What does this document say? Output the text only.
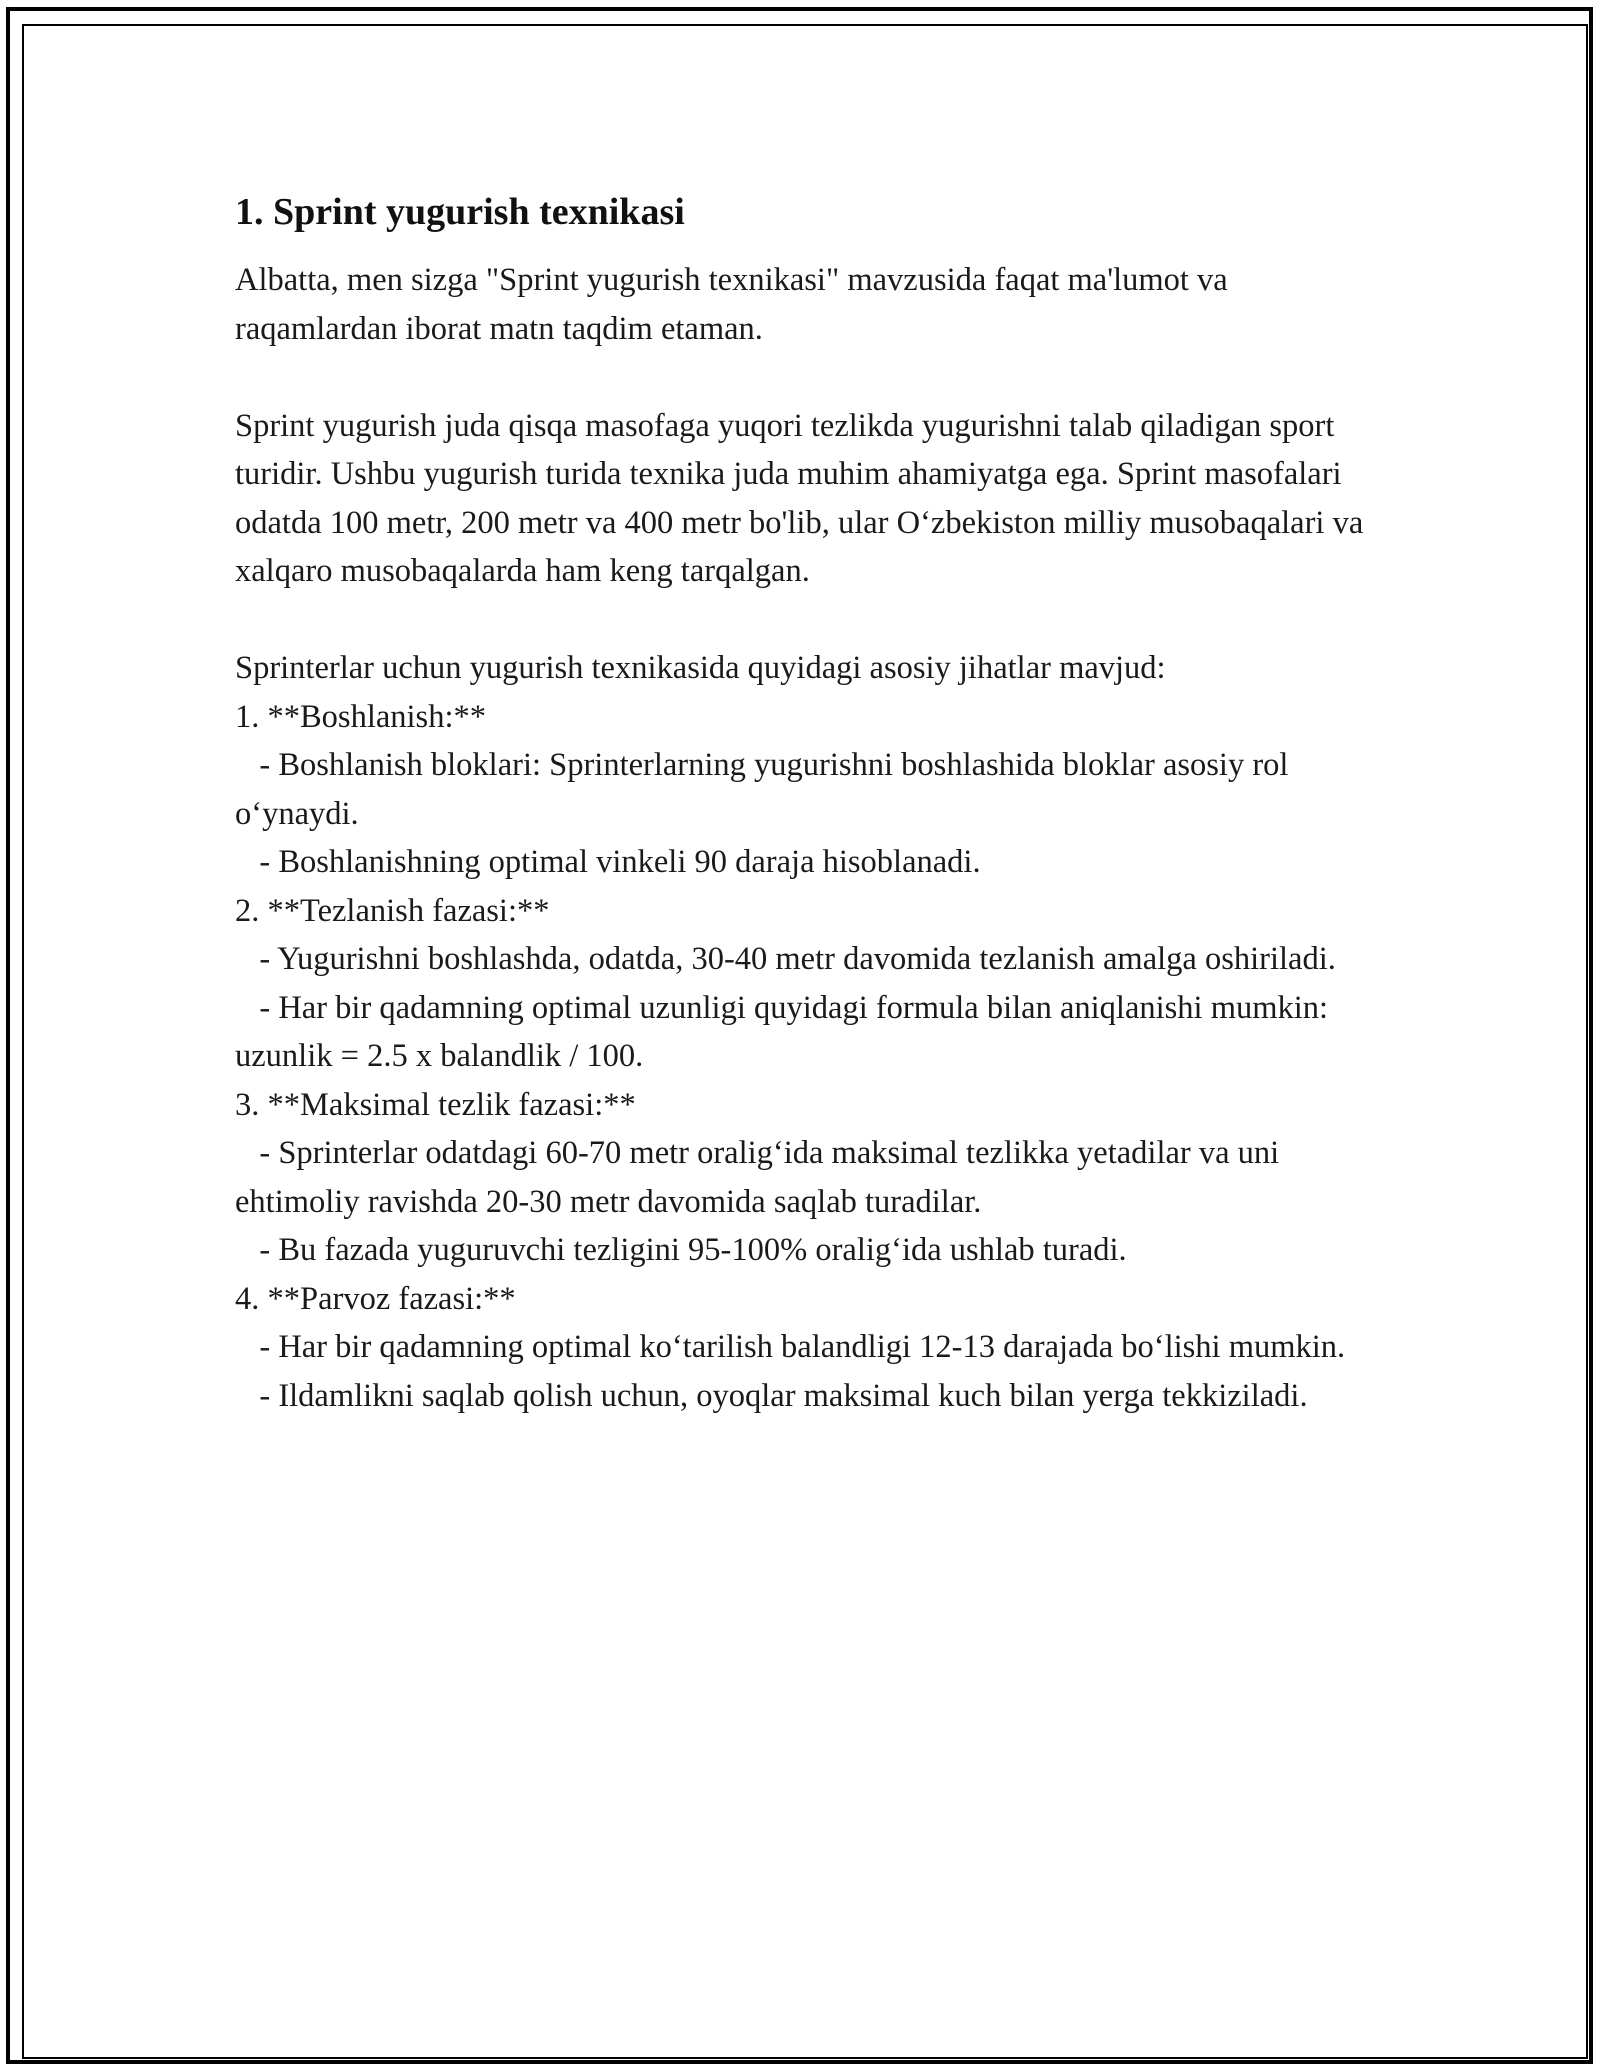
1. Sprint yugurish texnikasi

Albatta, men sizga "Sprint yugurish texnikasi" mavzusida faqat ma'lumot va raqamlardan iborat matn taqdim etaman.

Sprint yugurish juda qisqa masofaga yuqori tezlikda yugurishni talab qiladigan sport turidir. Ushbu yugurish turida texnika juda muhim ahamiyatga ega. Sprint masofalari odatda 100 metr, 200 metr va 400 metr bo'lib, ular O‘zbekiston milliy musobaqalari va xalqaro musobaqalarda ham keng tarqalgan.

Sprinterlar uchun yugurish texnikasida quyidagi asosiy jihatlar mavjud:

1. **Boshlanish:**

- Boshlanish bloklari: Sprinterlarning yugurishni boshlashida bloklar asosiy rol o‘ynaydi.

- Boshlanishning optimal vinkeli 90 daraja hisoblanadi.

2. **Tezlanish fazasi:**

- Yugurishni boshlashda, odatda, 30-40 metr davomida tezlanish amalga oshiriladi.

- Har bir qadamning optimal uzunligi quyidagi formula bilan aniqlanishi mumkin: uzunlik = 2.5 x balandlik / 100.

3. **Maksimal tezlik fazasi:**

- Sprinterlar odatdagi 60-70 metr oralig‘ida maksimal tezlikka yetadilar va uni ehtimoliy ravishda 20-30 metr davomida saqlab turadilar.

- Bu fazada yuguruvchi tezligini 95-100% oralig‘ida ushlab turadi.

4. **Parvoz fazasi:**

- Har bir qadamning optimal ko‘tarilish balandligi 12-13 darajada bo‘lishi mumkin.

- Ildamlikni saqlab qolish uchun, oyoqlar maksimal kuch bilan yerga tekkiziladi.
